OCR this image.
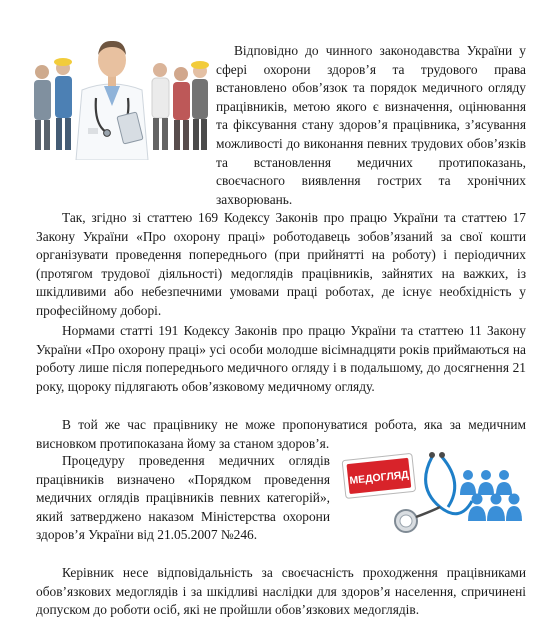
Відповідно до чинного законодавства України у сфері охорони здоров’я та трудового права встановлено обов’язок та порядок медичного огляду працівників, метою якого є визначення, оцінювання та фіксування стану здоров’я працівника, з’ясування можливості до виконання певних трудових обов’язків та встановлення медичних протипоказань, своєчасного виявлення гострих та хронічних захворювань.

Так, згідно зі статтею 169 Кодексу Законів про працю України та статтею 17 Закону України «Про охорону праці» роботодавець зобов’язаний за свої кошти організувати проведення попереднього (при прийнятті на роботу) і періодичних (протягом трудової діяльності) медоглядів працівників, зайнятих на важких, із шкідливими або небезпечними умовами праці роботах, де існує необхідність у професійному доборі.

Нормами статті 191 Кодексу Законів про працю України та статтею 11 Закону України «Про охорону праці» усі особи молодше вісімнадцяти років приймаються на роботу лише після попереднього медичного огляду і в подальшому, до досягнення 21 року, щороку підлягають обов’язковому медичному огляду.

В той же час працівнику не може пропонуватися робота, яка за медичним висновком протипоказана йому за станом здоров’я.

Процедуру проведення медичних оглядів працівників визначено «Порядком проведення медичних оглядів працівників певних категорій», який затверджено наказом Міністерства охорони здоров’я України від 21.05.2007 №246.

МЕДОГЛЯД

Керівник несе відповідальність за своєчасність проходження працівниками обов’язкових медоглядів і за шкідливі наслідки для здоров’я населення, спричинені допуском до роботи осіб, які не пройшли обов’язкових медоглядів.
